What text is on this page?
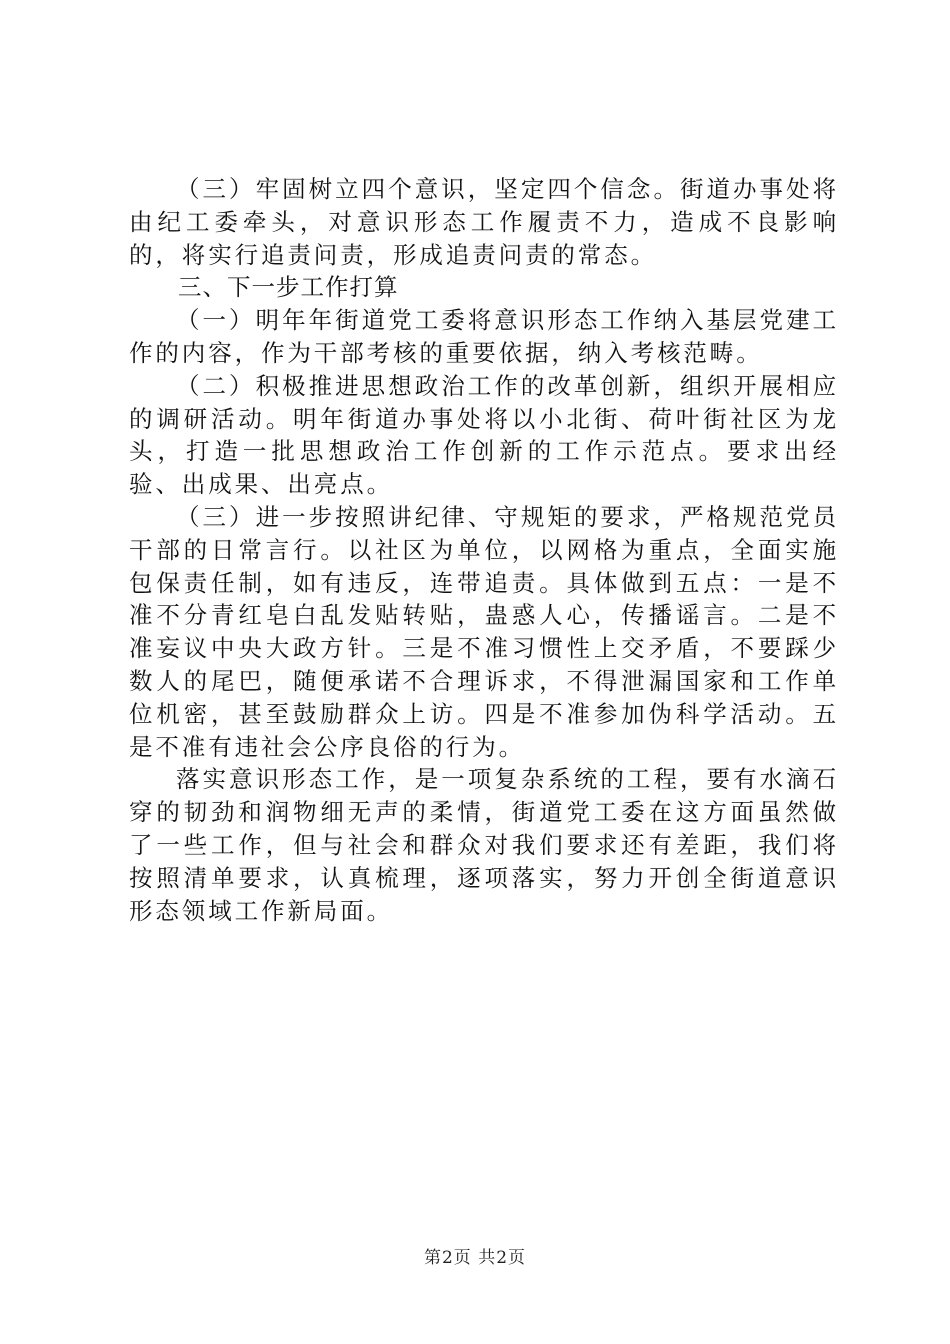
（三）牢固树立四个意识，坚定四个信念。街道办事处将由纪工委牵头，对意识形态工作履责不力，造成不良影响的，将实行追责问责，形成追责问责的常态。

三、下一步工作打算

（一）明年年街道党工委将意识形态工作纳入基层党建工作的内容，作为干部考核的重要依据，纳入考核范畴。

（二）积极推进思想政治工作的改革创新，组织开展相应的调研活动。明年街道办事处将以小北街、荷叶街社区为龙头，打造一批思想政治工作创新的工作示范点。要求出经验、出成果、出亮点。

（三）进一步按照讲纪律、守规矩的要求，严格规范党员干部的日常言行。以社区为单位，以网格为重点，全面实施包保责任制，如有违反，连带追责。具体做到五点：一是不准不分青红皂白乱发贴转贴，蛊惑人心，传播谣言。二是不准妄议中央大政方针。三是不准习惯性上交矛盾，不要踩少数人的尾巴，随便承诺不合理诉求，不得泄漏国家和工作单位机密，甚至鼓励群众上访。四是不准参加伪科学活动。五是不准有违社会公序良俗的行为。

落实意识形态工作，是一项复杂系统的工程，要有水滴石穿的韧劲和润物细无声的柔情，街道党工委在这方面虽然做了一些工作，但与社会和群众对我们要求还有差距，我们将按照清单要求，认真梳理，逐项落实，努力开创全街道意识形态领域工作新局面。

第2页 共2页
